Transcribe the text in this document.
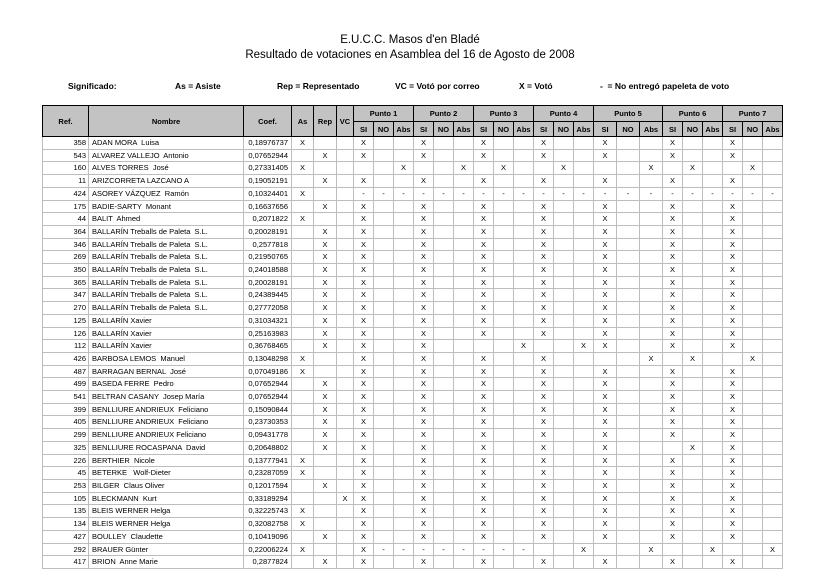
E.U.C.C. Masos d'en Bladé
Resultado de votaciones en Asamblea del 16 de Agosto de 2008
Significado:	As = Asiste	Rep = Representado	VC = Votó por correo	X = Votó	-  = No entregó papeleta de voto
Ref.	Nombre	Coef.	As	Rep	VC	Punto 1			Punto 2			Punto 3			Punto 4			Punto 5			Punto 6			Punto 7		
						SI	NO	Abs	SI	NO	Abs	SI	NO	Abs	SI	NO	Abs	SI	NO	Abs	SI	NO	Abs	SI	NO	Abs
358	ADAN MORA  Luisa	0,18976737	X			X			X			X			X			X			X			X		
543	ALVAREZ VALLEJO  Antonio	0,07652944		X		X			X			X			X			X			X			X		
160	ALVES TORRES  José	0,27331405	X					X			X		X			X				X		X			X	
11	ARIZCORRETA LAZCANO A	0,19052191		X		X			X			X			X			X			X			X		
424	ASOREY VÁZQUEZ  Ramón	0,10324401	X			-	-	-	-	-	-	-	-	-	-	-	-	-	-	-	-	-	-	-	-	-
175	BADIE-SARTY  Monant	0,16637656		X		X			X			X			X			X			X			X		
44	BALIT  Ahmed	0,2071822	X			X			X			X			X			X			X			X		
364	BALLARÍN Treballs de Paleta  S.L.	0,20028191		X		X			X			X			X			X			X			X		
346	BALLARÍN Treballs de Paleta  S.L.	0,2577818		X		X			X			X			X			X			X			X		
269	BALLARÍN Treballs de Paleta  S.L.	0,21950765		X		X			X			X			X			X			X			X		
350	BALLARÍN Treballs de Paleta  S.L.	0,24018588		X		X			X			X			X			X			X			X		
365	BALLARÍN Treballs de Paleta  S.L.	0,20028191		X		X			X			X			X			X			X			X		
347	BALLARÍN Treballs de Paleta  S.L.	0,24389445		X		X			X			X			X			X			X			X		
270	BALLARÍN Treballs de Paleta  S.L.	0,27772058		X		X			X			X			X			X			X			X		
125	BALLARÍN Xavier	0,31034321		X		X			X			X			X			X			X			X		
126	BALLARÍN Xavier	0,25163983		X		X			X			X			X			X			X			X		
112	BALLARÍN Xavier	0,36768465		X		X			X					X			X	X			X			X		
426	BARBOSA LEMOS  Manuel	0,13048298	X			X			X			X			X					X		X			X	
487	BARRAGAN BERNAL  José	0,07049186	X			X			X			X			X			X			X			X		
499	BASEDA FERRE  Pedro	0,07652944		X		X			X			X			X			X			X			X		
541	BELTRAN CASANY  Josep María	0,07652944		X		X			X			X			X			X			X			X		
399	BENLLIURE ANDRIEUX  Feliciano	0,15090844		X		X			X			X			X			X			X			X		
405	BENLLIURE ANDRIEUX  Feliciano	0,23730353		X		X			X			X			X			X			X			X		
299	BENLLIURE ANDRIEUX Feliciano	0,09431778		X		X			X			X			X			X			X			X		
325	BENLLIURE ROCASPANA  David	0,20648802		X		X			X			X			X			X				X		X		
226	BERTHIER  Nicole	0,13777941	X			X			X			X			X			X			X			X		
45	BETERKE   Wolf-Dieter	0,23287059	X			X			X			X			X			X			X			X		
253	BILGER  Claus Oliver	0,12017594		X		X			X			X			X			X			X			X		
105	BLECKMANN  Kurt	0,33189294			X	X			X			X			X			X			X			X		
135	BLEIS WERNER Helga	0,32225743	X			X			X			X			X			X			X			X		
134	BLEIS WERNER Helga	0,32082758	X			X			X			X			X			X			X			X		
427	BOULLEY  Claudette	0,10419096		X		X			X			X			X			X			X			X		
292	BRAUER Günter	0,22006224	X			X	-	-	-	-	-	-	-	-			X			X			X			X
417	BRION  Anne Marie	0,2877824		X		X			X			X			X			X			X			X		
